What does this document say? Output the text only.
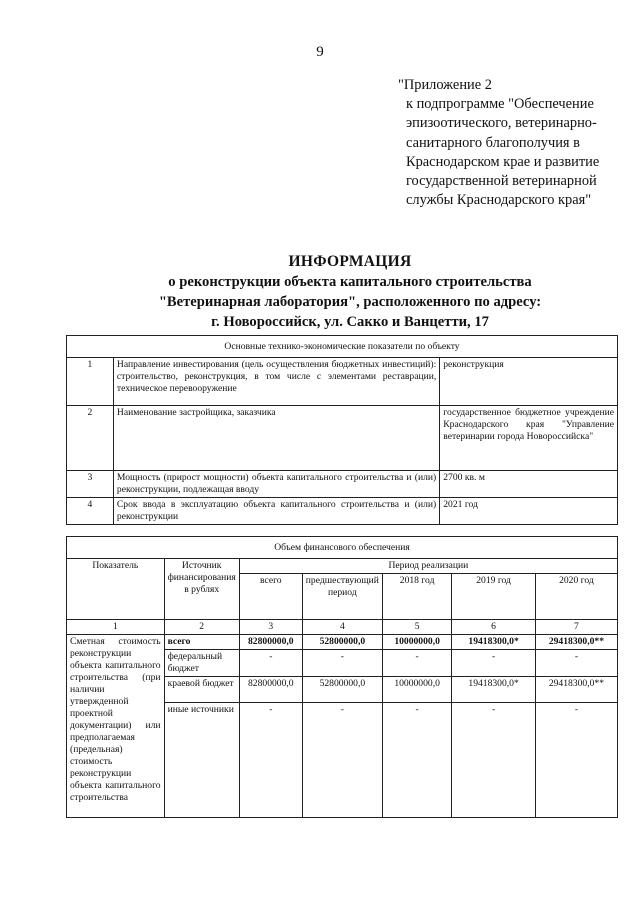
9
"Приложение 2
к подпрограмме "Обеспечение
эпизоотического, ветеринарно-
санитарного благополучия в
Краснодарском крае и развитие
государственной ветеринарной
службы Краснодарского края"
ИНФОРМАЦИЯ
о реконструкции объекта капитального строительства
"Ветеринарная лаборатория", расположенного по адресу:
г. Новороссийск, ул. Сакко и Ванцетти, 17
Основные технико-экономические показатели по объекту		
1	Направление инвестирования (цель осуществления бюджетных инвестиций): строительство, реконструкция, в том числе с элементами реставрации, техническое перевооружение	реконструкция
2	Наименование застройщика, заказчика	государственное бюджетное учреждение Краснодарского края "Управление ветеринарии города Новороссийска"
3	Мощность (прирост мощности) объекта капитального строительства и (или) реконструкции, подлежащая вводу	2700 кв. м
4	Срок ввода в эксплуатацию объекта капитального строительства и (или) реконструкции	2021 год
Объем финансового обеспечения						
Показатель	Источник финансирования в рублях	Период реализации				
		всего	предшествующий период	2018 год	2019 год	2020 год
1	2	3	4	5	6	7
Сметная стоимость реконструкции объекта капитального строительства (при наличии утвержденной проектной документации) или предполагаемая (предельная) стоимость реконструкции объекта капитального строительства	всего	82800000,0	52800000,0	10000000,0	19418300,0*	29418300,0**
	федеральный бюджет	-	-	-	-	-
	краевой бюджет	82800000,0	52800000,0	10000000,0	19418300,0*	29418300,0**
	иные источники	-	-	-	-	-
